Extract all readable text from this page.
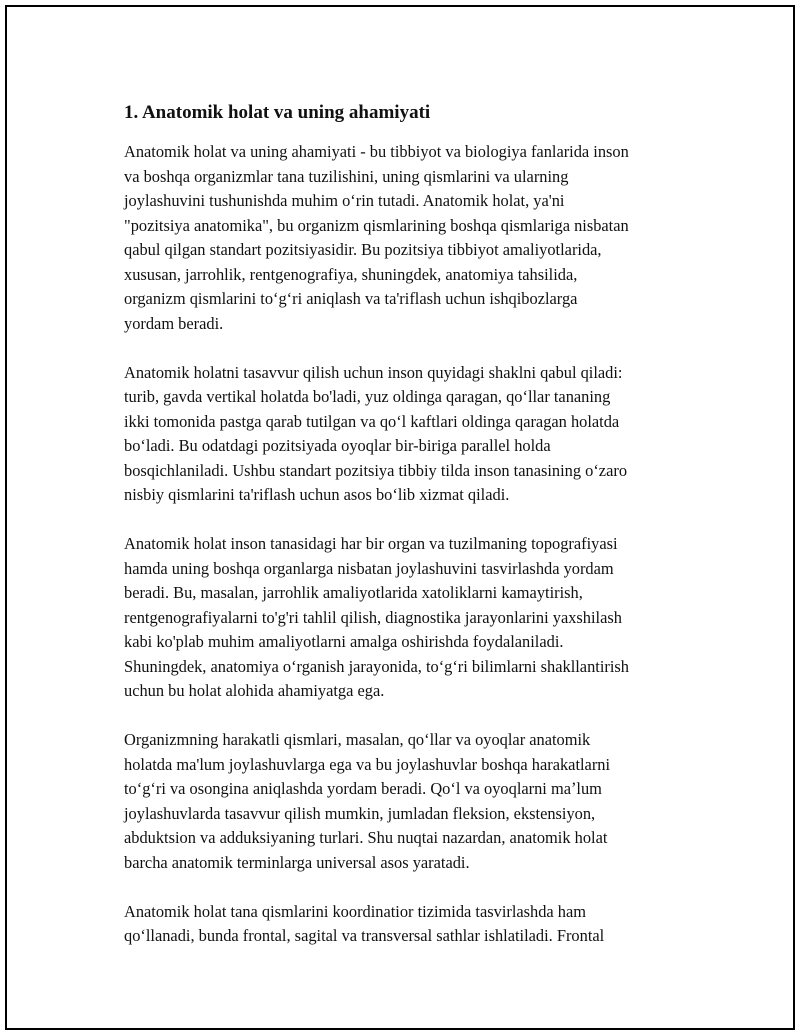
1. Anatomik holat va uning ahamiyati

Anatomik holat va uning ahamiyati - bu tibbiyot va biologiya fanlarida inson
va boshqa organizmlar tana tuzilishini, uning qismlarini va ularning
joylashuvini tushunishda muhim oʻrin tutadi. Anatomik holat, ya'ni
"pozitsiya anatomika", bu organizm qismlarining boshqa qismlariga nisbatan
qabul qilgan standart pozitsiyasidir. Bu pozitsiya tibbiyot amaliyotlarida,
xususan, jarrohlik, rentgenografiya, shuningdek, anatomiya tahsilida,
organizm qismlarini toʻgʻri aniqlash va ta'riflash uchun ishqibozlarga
yordam beradi.

Anatomik holatni tasavvur qilish uchun inson quyidagi shaklni qabul qiladi:
turib, gavda vertikal holatda bo'ladi, yuz oldinga qaragan, qoʻllar tananing
ikki tomonida pastga qarab tutilgan va qoʻl kaftlari oldinga qaragan holatda
boʻladi. Bu odatdagi pozitsiyada oyoqlar bir-biriga parallel holda
bosqichlaniladi. Ushbu standart pozitsiya tibbiy tilda inson tanasining oʻzaro
nisbiy qismlarini ta'riflash uchun asos boʻlib xizmat qiladi.

Anatomik holat inson tanasidagi har bir organ va tuzilmaning topografiyasi
hamda uning boshqa organlarga nisbatan joylashuvini tasvirlashda yordam
beradi. Bu, masalan, jarrohlik amaliyotlarida xatoliklarni kamaytirish,
rentgenografiyalarni to'g'ri tahlil qilish, diagnostika jarayonlarini yaxshilash
kabi ko'plab muhim amaliyotlarni amalga oshirishda foydalaniladi.
Shuningdek, anatomiya oʻrganish jarayonida, toʻgʻri bilimlarni shakllantirish
uchun bu holat alohida ahamiyatga ega.

Organizmning harakatli qismlari, masalan, qoʻllar va oyoqlar anatomik
holatda ma'lum joylashuvlarga ega va bu joylashuvlar boshqa harakatlarni
toʻgʻri va osongina aniqlashda yordam beradi. Qoʻl va oyoqlarni maʼlum
joylashuvlarda tasavvur qilish mumkin, jumladan fleksion, ekstensiyon,
abduktsion va adduksiyaning turlari. Shu nuqtai nazardan, anatomik holat
barcha anatomik terminlarga universal asos yaratadi.

Anatomik holat tana qismlarini koordinatior tizimida tasvirlashda ham
qoʻllanadi, bunda frontal, sagital va transversal sathlar ishlatiladi. Frontal
